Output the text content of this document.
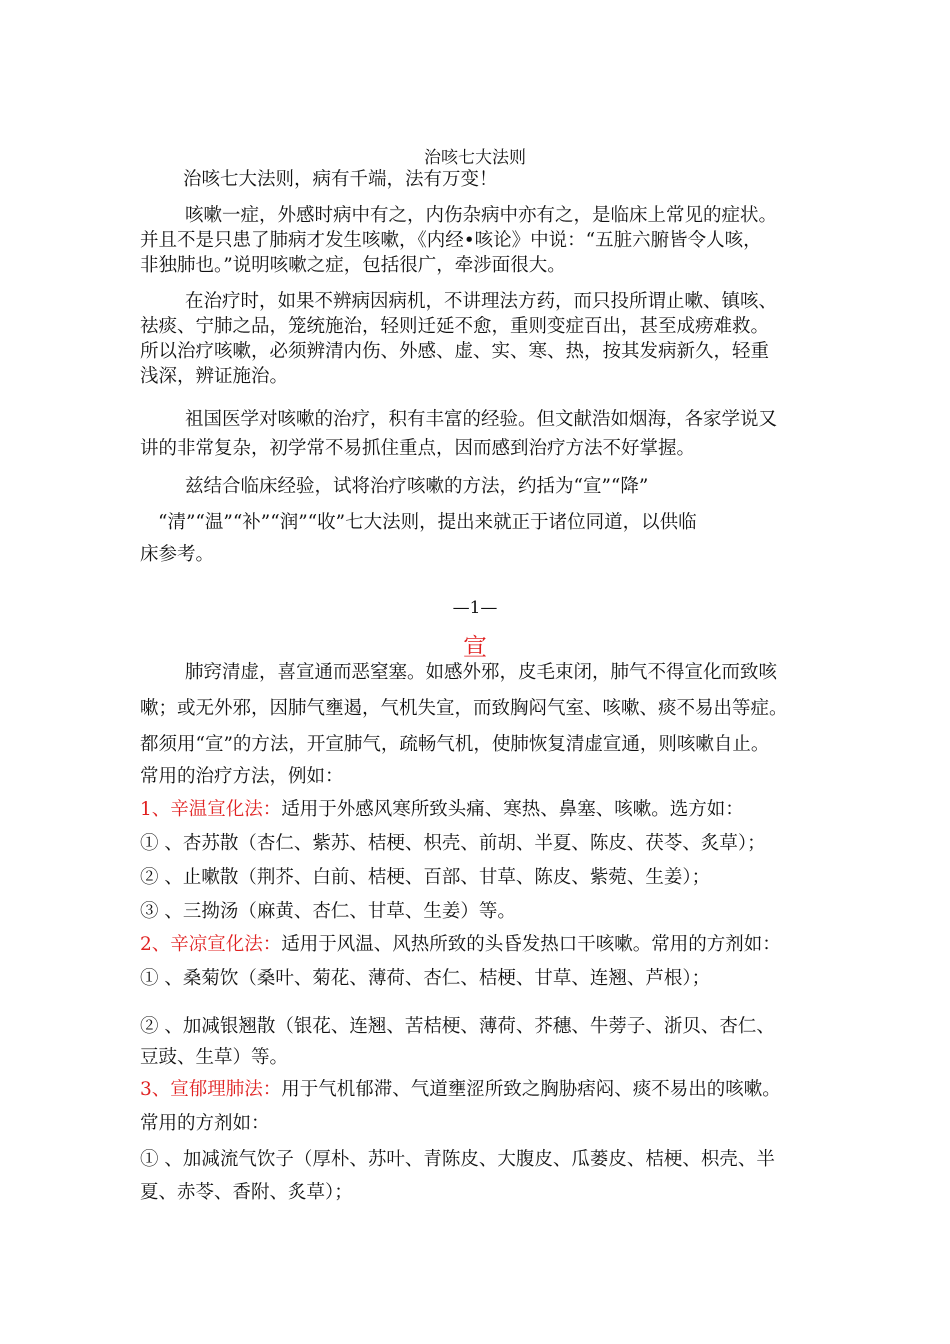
治咳七大法则
治咳七大法则，病有千端，法有万变！
咳嗽一症，外感时病中有之，内伤杂病中亦有之，是临床上常见的症状。
并且不是只患了肺病才发生咳嗽，《内经•咳论》中说：“五脏六腑皆令人咳，
非独肺也。”说明咳嗽之症，包括很广，牵涉面很大。
在治疗时，如果不辨病因病机，不讲理法方药，而只投所谓止嗽、镇咳、
祛痰、宁肺之品，笼统施治，轻则迁延不愈，重则变症百出，甚至成痨难救。
所以治疗咳嗽，必须辨清内伤、外感、虚、实、寒、热，按其发病新久，轻重
浅深，辨证施治。
祖国医学对咳嗽的治疗，积有丰富的经验。但文献浩如烟海，各家学说又
讲的非常复杂，初学常不易抓住重点，因而感到治疗方法不好掌握。
兹结合临床经验，试将治疗咳嗽的方法，约括为“宣”“降”
“清”“温”“补”“润”“收”七大法则，提出来就正于诸位同道，以供临
床参考。
—1—
宣
肺窍清虚，喜宣通而恶窒塞。如感外邪，皮毛束闭，肺气不得宣化而致咳
嗽；或无外邪，因肺气壅遏，气机失宣，而致胸闷气室、咳嗽、痰不易出等症。
都须用“宣”的方法，开宣肺气，疏畅气机，使肺恢复清虚宣通，则咳嗽自止。
常用的治疗方法，例如：
1、辛温宣化法：适用于外感风寒所致头痛、寒热、鼻塞、咳嗽。选方如：
① 、杏苏散（杏仁、紫苏、桔梗、枳壳、前胡、半夏、陈皮、茯苓、炙草）；
② 、止嗽散（荆芥、白前、桔梗、百部、甘草、陈皮、紫菀、生姜）；
③ 、三拗汤（麻黄、杏仁、甘草、生姜）等。
2、辛凉宣化法：适用于风温、风热所致的头昏发热口干咳嗽。常用的方剂如：
① 、桑菊饮（桑叶、菊花、薄荷、杏仁、桔梗、甘草、连翘、芦根）；
② 、加减银翘散（银花、连翘、苦桔梗、薄荷、芥穗、牛蒡子、浙贝、杏仁、
豆豉、生草）等。
3、宣郁理肺法：用于气机郁滞、气道壅涩所致之胸胁痞闷、痰不易出的咳嗽。
常用的方剂如：
① 、加减流气饮子（厚朴、苏叶、青陈皮、大腹皮、瓜蒌皮、桔梗、枳壳、半
夏、赤苓、香附、炙草）；
